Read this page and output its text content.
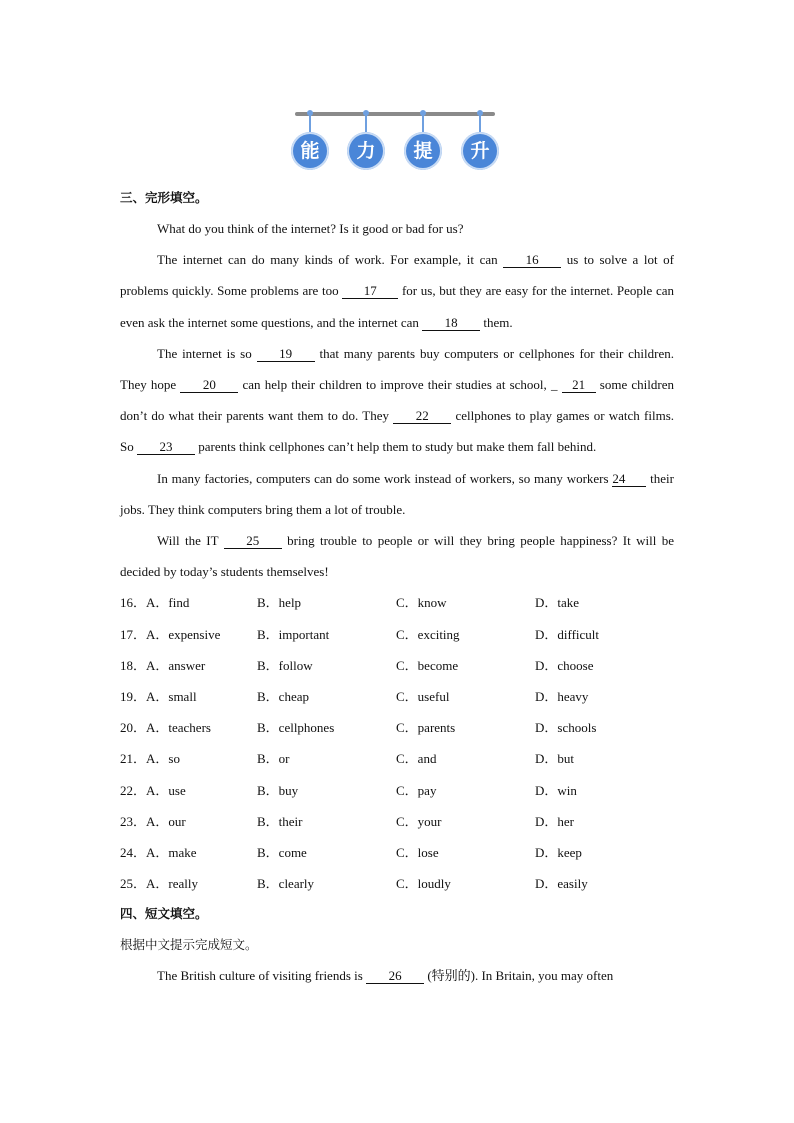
能	力	提	升
三、完形填空。

What do you think of the internet? Is it good or bad for us?

The internet can do many kinds of work. For example, it can 16 us to solve a lot of problems quickly. Some problems are too 17 for us, but they are easy for the internet. People can even ask the internet some questions, and the internet can 18 them.

The internet is so 19 that many parents buy computers or cellphones for their children. They hope 20 can help their children to improve their studies at school, _ 21 some children don’t do what their parents want them to do. They 22 cellphones to play games or watch films. So 23 parents think cellphones can’t help them to study but make them fall behind.

In many factories, computers can do some work instead of workers, so many workers 24 their jobs. They think computers bring them a lot of trouble.

Will the IT 25 bring trouble to people or will they bring people happiness? It will be decided by today’s students themselves!

16．A．find	B．help	C．know	D．take
17．A．expensive	B．important	C．exciting	D．difficult
18．A．answer	B．follow	C．become	D．choose
19．A．small	B．cheap	C．useful	D．heavy
20．A．teachers	B．cellphones	C．parents	D．schools
21．A．so	B．or	C．and	D．but
22．A．use	B．buy	C．pay	D．win
23．A．our	B．their	C．your	D．her
24．A．make	B．come	C．lose	D．keep
25．A．really	B．clearly	C．loudly	D．easily
四、短文填空。
根据中文提示完成短文。

The British culture of visiting friends is 26 (特别的). In Britain, you may often
